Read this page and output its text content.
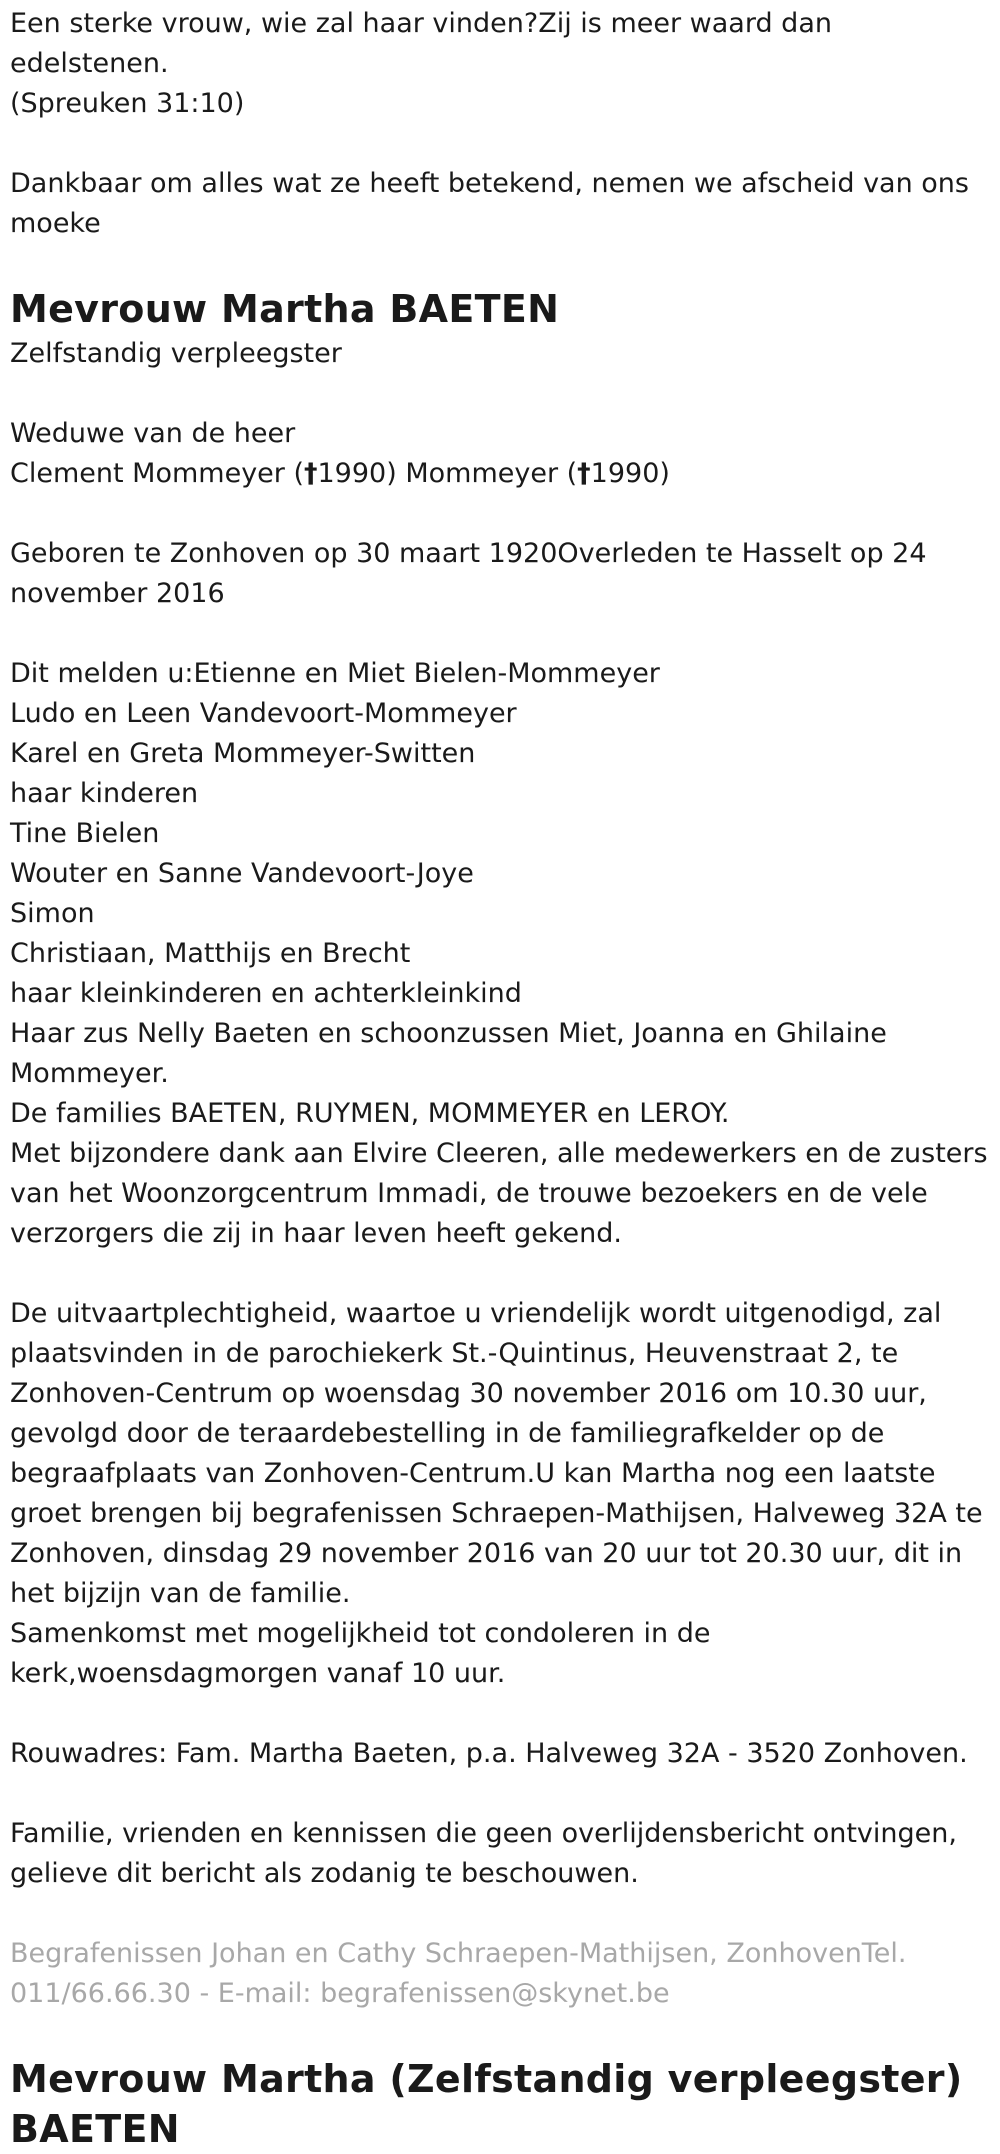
Een sterke vrouw, wie zal haar vinden?Zij is meer waard dan edelstenen.

(Spreuken 31:10)

Dankbaar om alles wat ze heeft betekend, nemen we afscheid van ons moeke

Mevrouw Martha BAETEN

Zelfstandig verpleegster

Weduwe van de heer

Clement Mommeyer (†1990) Mommeyer (†1990)

Geboren te Zonhoven op 30 maart 1920Overleden te Hasselt op 24 november 2016

Dit melden u:Etienne en Miet Bielen-Mommeyer

Ludo en Leen Vandevoort-Mommeyer

Karel en Greta Mommeyer-Switten

haar kinderen

Tine Bielen

Wouter en Sanne Vandevoort-Joye

Simon

Christiaan, Matthijs en Brecht

haar kleinkinderen en achterkleinkind

Haar zus Nelly Baeten en schoonzussen Miet, Joanna en Ghilaine Mommeyer.

De families BAETEN, RUYMEN, MOMMEYER en LEROY.

Met bijzondere dank aan Elvire Cleeren, alle medewerkers en de zusters van het Woonzorgcentrum Immadi, de trouwe bezoekers en de vele verzorgers die zij in haar leven heeft gekend.

De uitvaartplechtigheid, waartoe u vriendelijk wordt uitgenodigd, zal plaatsvinden in de parochiekerk St.-Quintinus, Heuvenstraat 2, te Zonhoven-Centrum op woensdag 30 november 2016 om 10.30 uur, gevolgd door de teraardebestelling in de familiegrafkelder op de begraafplaats van Zonhoven-Centrum.U kan Martha nog een laatste groet brengen bij begrafenissen Schraepen-Mathijsen, Halveweg 32A te Zonhoven, dinsdag 29 november 2016 van 20 uur tot 20.30 uur, dit in het bijzijn van de familie.

Samenkomst met mogelijkheid tot condoleren in de kerk,woensdagmorgen vanaf 10 uur.

Rouwadres: Fam. Martha Baeten, p.a. Halveweg 32A - 3520 Zonhoven.

Familie, vrienden en kennissen die geen overlijdensbericht ontvingen, gelieve dit bericht als zodanig te beschouwen.

Begrafenissen Johan en Cathy Schraepen-Mathijsen, ZonhovenTel. 011/66.66.30 - E-mail: begrafenissen@skynet.be

Mevrouw Martha (Zelfstandig verpleegster) BAETEN
